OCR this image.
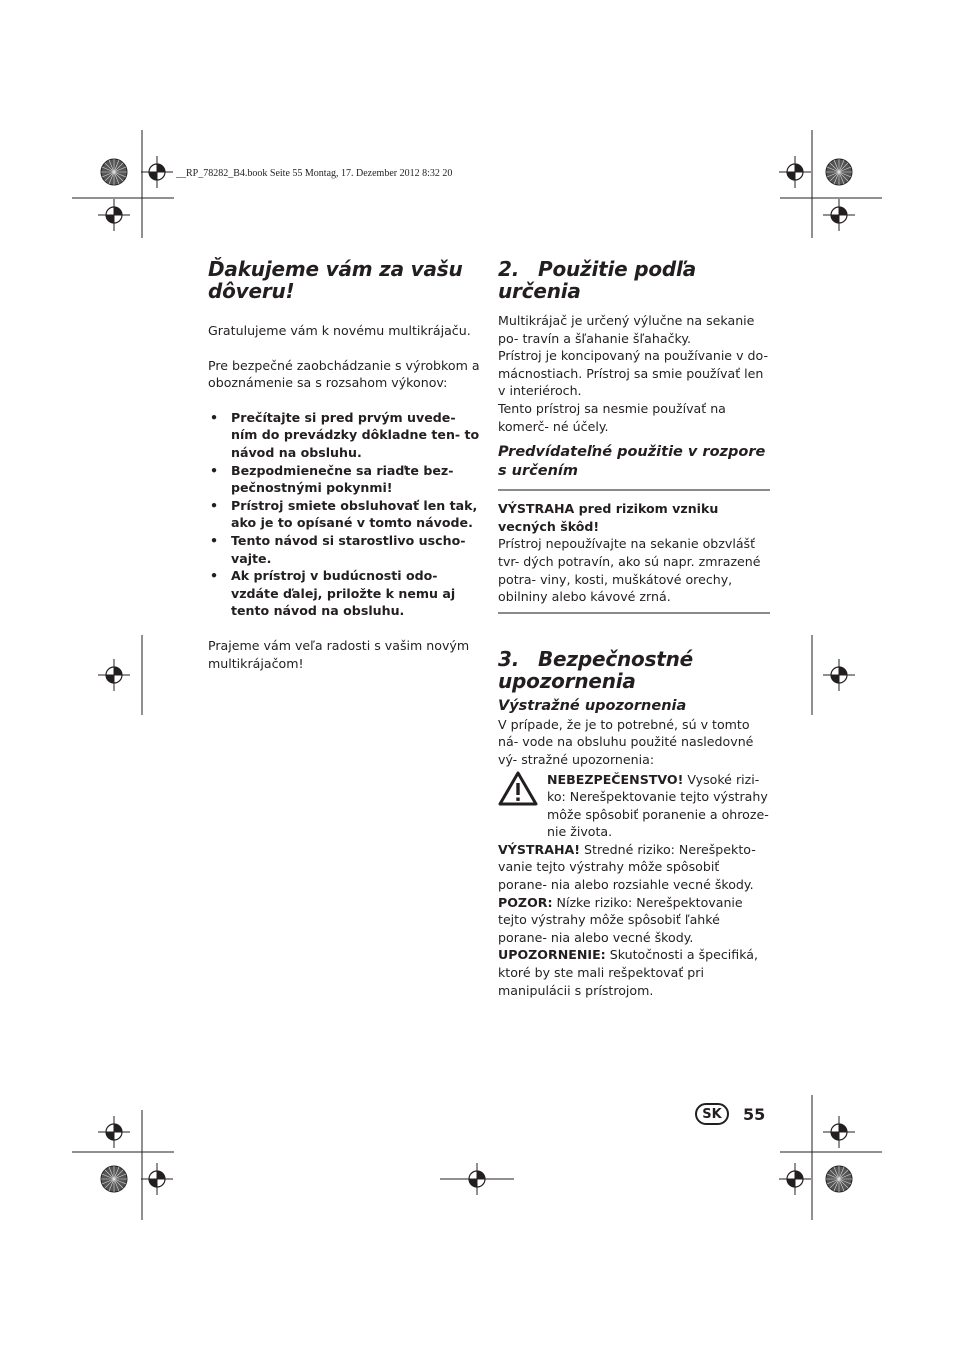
__RP_78282_B4.book Seite 55 Montag, 17. Dezember 2012 8:32 20
Ďakujeme vám za vašu dôveru!

Gratulujeme vám k novému multikrájaču.

Pre bezpečné zaobchádzanie s výrobkom a oboznámenie sa s rozsahom výkonov:

• Prečítajte si pred prvým uvede- ním do prevádzky dôkladne ten- to návod na obsluhu.
• Bezpodmienečne sa riaďte bez- pečnostnými pokynmi!
• Prístroj smiete obsluhovať len tak, ako je to opísané v tomto návode.
• Tento návod si starostlivo uscho- vajte.
• Ak prístroj v budúcnosti odo- vzdáte ďalej, priložte k nemu aj tento návod na obsluhu.

Prajeme vám veľa radosti s vašim novým multikrájačom!

2. Použitie podľa určenia

Multikrájač je určený výlučne na sekanie po- travín a šľahanie šľahačky.

Prístroj je koncipovaný na používanie v do- mácnostiach. Prístroj sa smie používať len v interiéroch.

Tento prístroj sa nesmie používať na komerč- né účely.

Predvídateľné použitie v rozpore s určením

VÝSTRAHA pred rizikom vzniku vecných škôd!

Prístroj nepoužívajte na sekanie obzvlášť tvr- dých potravín, ako sú napr. zmrazené potra- viny, kosti, muškátové orechy, obilniny alebo kávové zrná.

3. Bezpečnostné upozornenia
Výstražné upozornenia

V prípade, že je to potrebné, sú v tomto ná- vode na obsluhu použité nasledovné vý- stražné upozornenia:

NEBEZPEČENSTVO! Vysoké rizi- ko: Nerešpektovanie tejto výstrahy môže spôsobiť poranenie a ohroze- nie života.

VÝSTRAHA! Stredné riziko: Nerešpekto- vanie tejto výstrahy môže spôsobiť porane- nia alebo rozsiahle vecné škody.

POZOR: Nízke riziko: Nerešpektovanie tejto výstrahy môže spôsobiť ľahké porane- nia alebo vecné škody.

UPOZORNENIE: Skutočnosti a špecifiká, ktoré by ste mali rešpektovať pri manipulácii s prístrojom.

SK	55
